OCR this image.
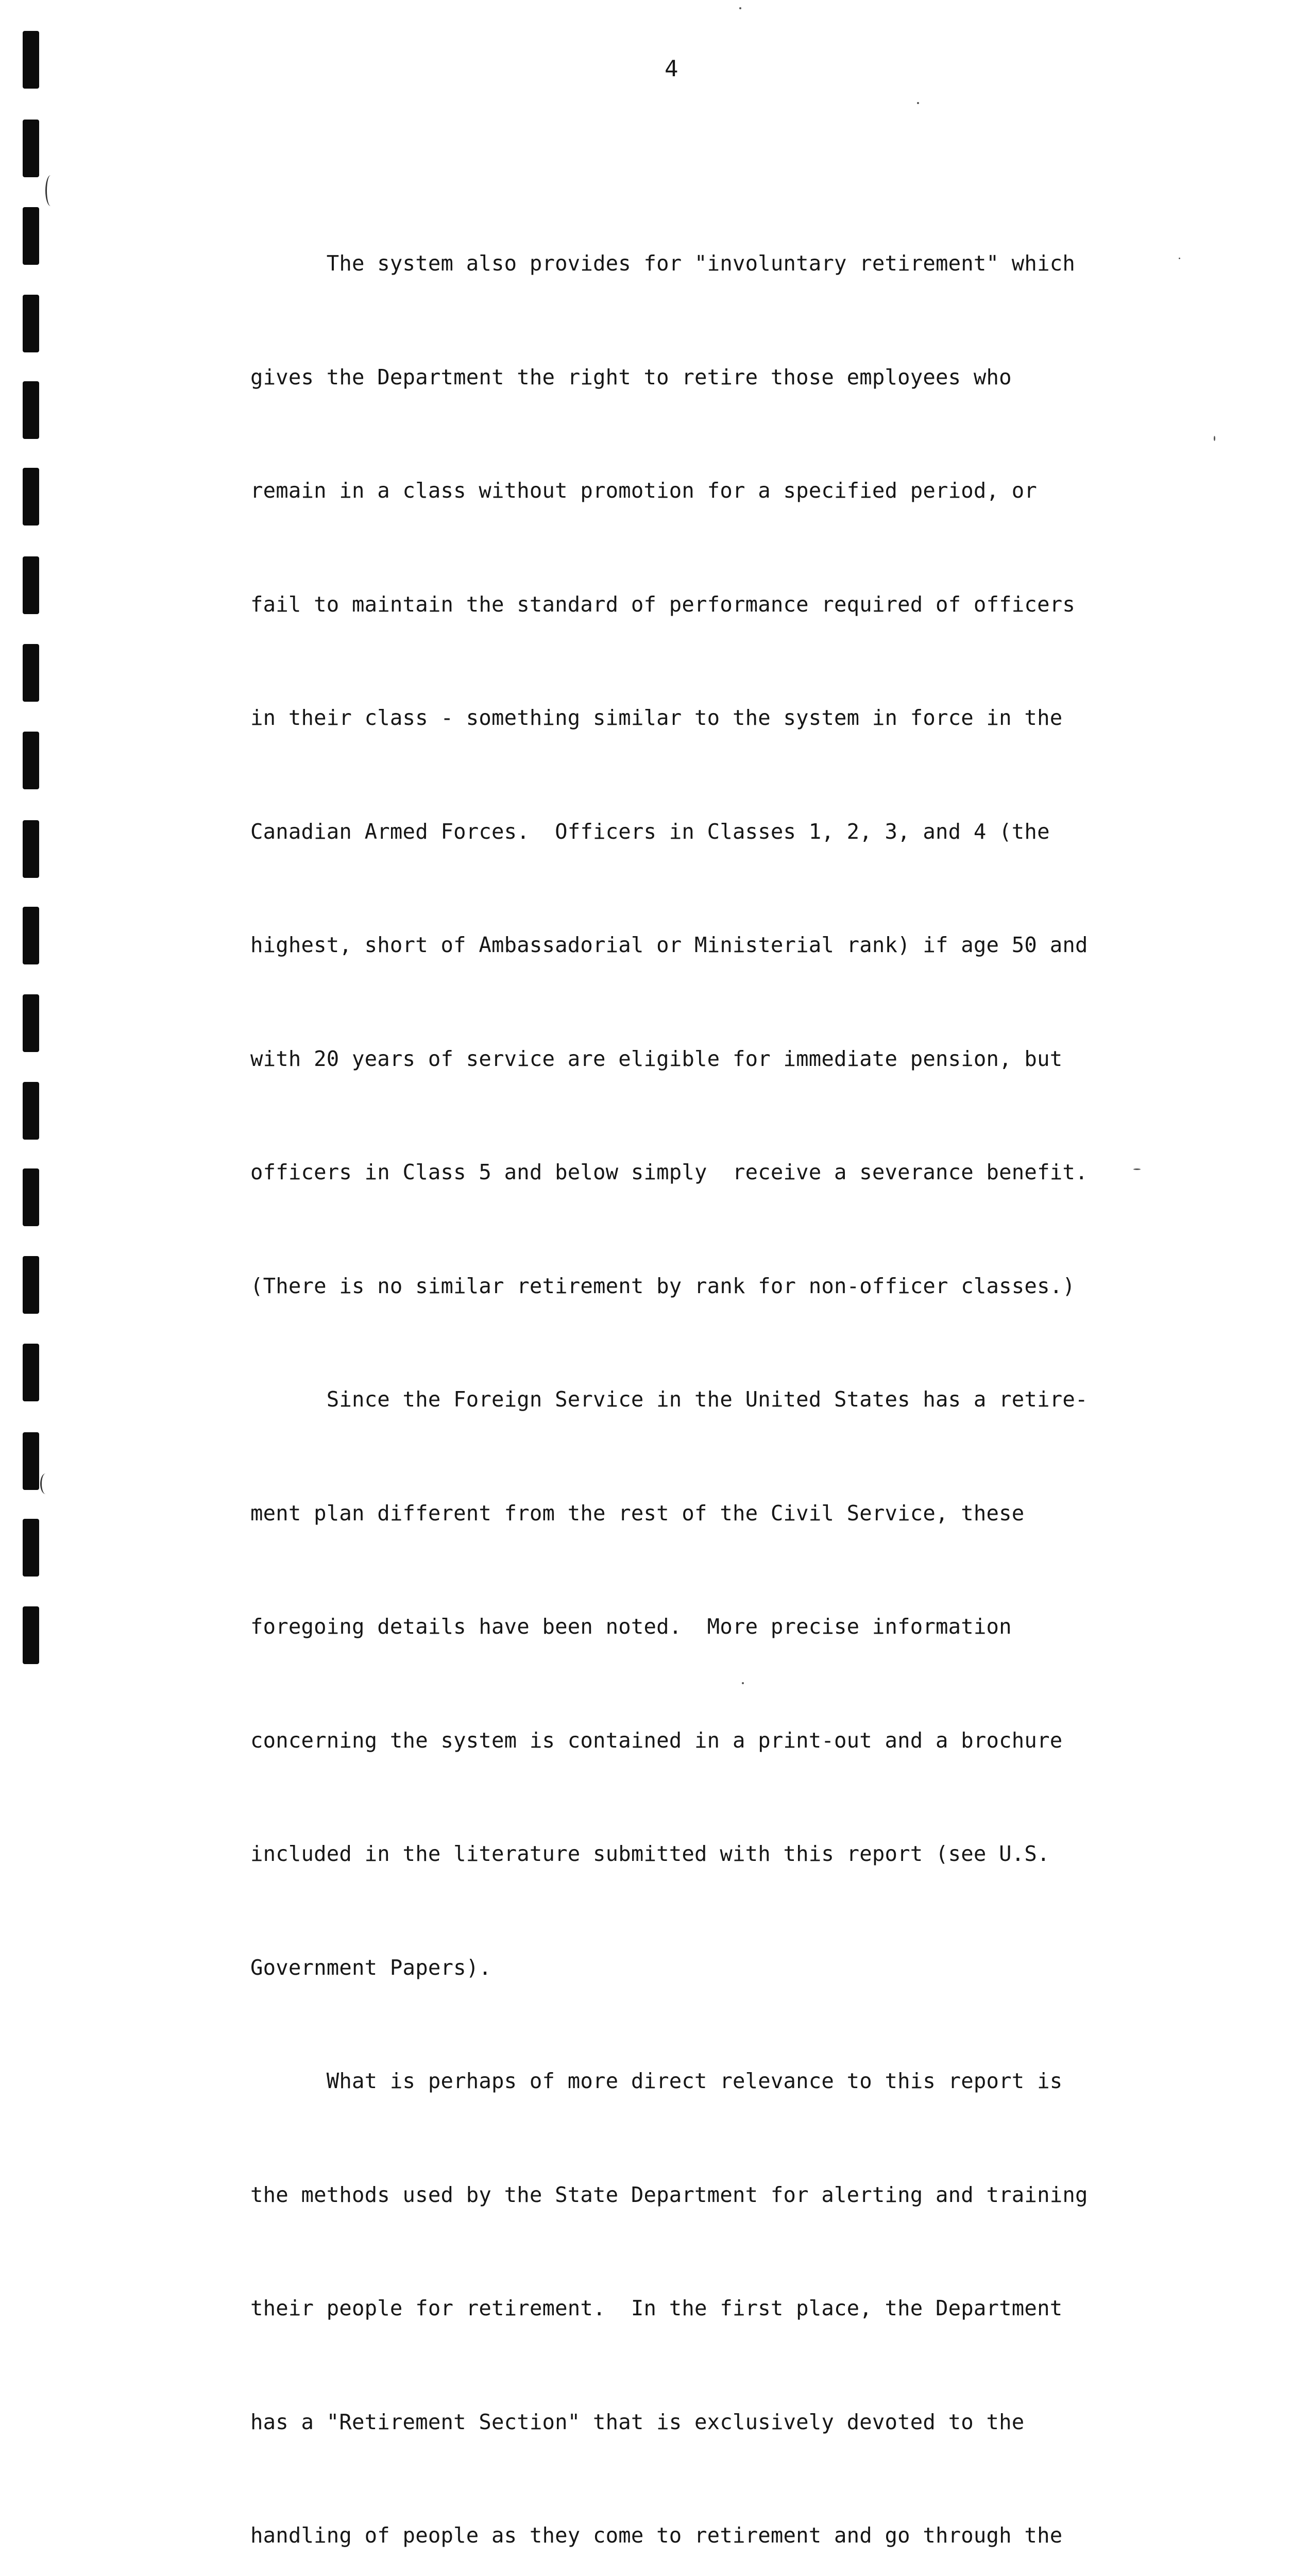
4

The system also provides for "involuntary retirement" which

gives the Department the right to retire those employees who

remain in a class without promotion for a specified period, or

fail to maintain the standard of performance required of officers

in their class - something similar to the system in force in the

Canadian Armed Forces.  Officers in Classes 1, 2, 3, and 4 (the

highest, short of Ambassadorial or Ministerial rank) if age 50 and

with 20 years of service are eligible for immediate pension, but

officers in Class 5 and below simply  receive a severance benefit.

(There is no similar retirement by rank for non-officer classes.)

Since the Foreign Service in the United States has a retire-

ment plan different from the rest of the Civil Service, these

foregoing details have been noted.  More precise information

concerning the system is contained in a print-out and a brochure

included in the literature submitted with this report (see U.S.

Government Papers).

What is perhaps of more direct relevance to this report is

the methods used by the State Department for alerting and training

their people for retirement.  In the first place, the Department

has a "Retirement Section" that is exclusively devoted to the

handling of people as they come to retirement and go through the
